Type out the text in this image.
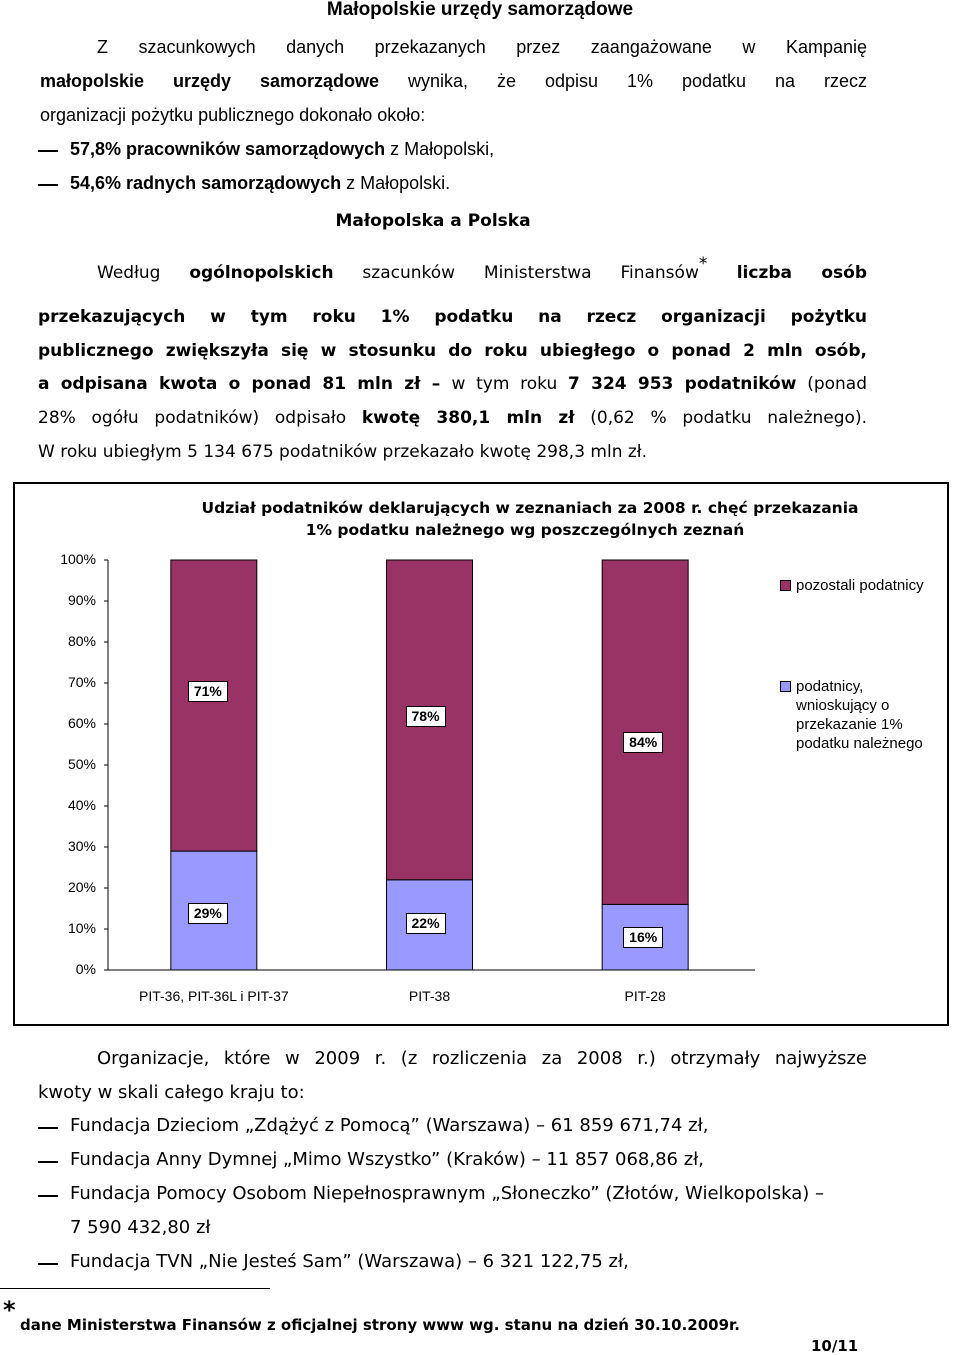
Małopolskie urzędy samorządowe
Z szacunkowych danych przekazanych przez zaangażowane w Kampanię
małopolskie urzędy samorządowe wynika, że odpisu 1% podatku na rzecz
organizacji pożytku publicznego dokonało około:
57,8% pracowników samorządowych z Małopolski,
54,6% radnych samorządowych z Małopolski.
Małopolska a Polska
Według ogólnopolskich szacunków Ministerstwa Finansów* liczba osób
przekazujących w tym roku 1% podatku na rzecz organizacji pożytku
publicznego zwiększyła się w stosunku do roku ubiegłego o ponad 2 mln osób,
a odpisana kwota o ponad 81 mln zł – w tym roku 7 324 953 podatników (ponad
28% ogółu podatników) odpisało kwotę 380,1 mln zł (0,62 % podatku należnego).
W roku ubiegłym 5 134 675 podatników przekazało kwotę 298,3 mln zł.
Udział podatników deklarujących w zeznaniach za 2008 r. chęć przekazania
1% podatku należnego wg poszczególnych zeznań
0%
10%
20%
30%
40%
50%
60%
70%
80%
90%
100%
PIT-36, PIT-36L i PIT-37	PIT-38	PIT-28
29%
71%
22%
78%
16%
84%
pozostali podatnicy
podatnicy,
wnioskujący o
przekazanie 1%
podatku należnego
Organizacje, które w 2009 r. (z rozliczenia za 2008 r.) otrzymały najwyższe
kwoty w skali całego kraju to:
Fundacja Dzieciom „Zdążyć z Pomocą” (Warszawa) – 61 859 671,74 zł,
Fundacja Anny Dymnej „Mimo Wszystko” (Kraków) – 11 857 068,86 zł,
Fundacja Pomocy Osobom Niepełnosprawnym „Słoneczko” (Złotów, Wielkopolska) –
7 590 432,80 zł
Fundacja TVN „Nie Jesteś Sam” (Warszawa) – 6 321 122,75 zł,
*
dane Ministerstwa Finansów z oficjalnej strony www wg. stanu na dzień 30.10.2009r.
10/11
